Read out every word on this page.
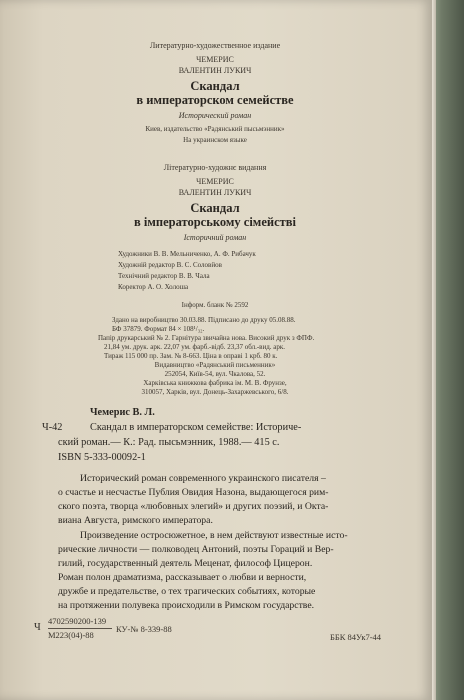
Литературно-художественное издание
ЧЕМЕРИС
ВАЛЕНТИН ЛУКИЧ
Скандал
в императорском семействе
Исторический роман
Киев, издательство «Радянський пысьмэнник»
На украинском языке
Літературно-художнє видання
ЧЕМЕРИС
ВАЛЕНТИН ЛУКИЧ
Скандал
в імператорському сімействі
Історичний роман
Художники В. В. Мельниченко, А. Ф. Рибачук
Художній редактор В. С. Соловйов
Технічний редактор В. В. Чала
Коректор А. О. Холоша
Інформ. бланк № 2592
Здано на виробництво 30.03.88. Підписано до друку 05.08.88.
БФ 37879. Формат 84 × 108¹/₃₂.
Папір друкарський № 2. Гарнітура звичайна нова. Високий друк з ФПФ.
21,84 ум. друк. арк. 22,07 ум. фарб.-відб. 23,37 обл.-вид. арк.
Тираж 115 000 пр. Зам. № 8-663. Ціна в оправі 1 крб. 80 к.
Видавництво «Радянський письменник»
252054, Київ-54, вул. Чкалова, 52.
Харківська книжкова фабрика ім. М. В. Фрунзе,
310057, Харків, вул. Донець-Захаржевського, 6/8.
Чемерис В. Л.
Ч-42	Скандал в императорском семействе: Историче-
ский роман.— К.: Рад. пысьмэнник, 1988.— 415 с.
ISBN 5-333-00092-1
Исторический роман современного украинского писателя –
о счастье и несчастье Публия Овидия Назона, выдающегося рим-
ского поэта, творца «любовных элегий» и других поэзий, и Окта-
виана Августа, римского императора.
Произведение остросюжетное, в нем действуют известные исто-
рические личности — полководец Антоний, поэты Гораций и Вер-
гилий, государственный деятель Меценат, философ Цицерон.
Роман полон драматизма, рассказывает о любви и верности,
дружбе и предательстве, о тех трагических событиях, которые
на протяжении полувека происходили в Римском государстве.
Ч
4702590200-139
М223(04)-88
КУ-№ 8-339-88
ББК 84Ук7-44
